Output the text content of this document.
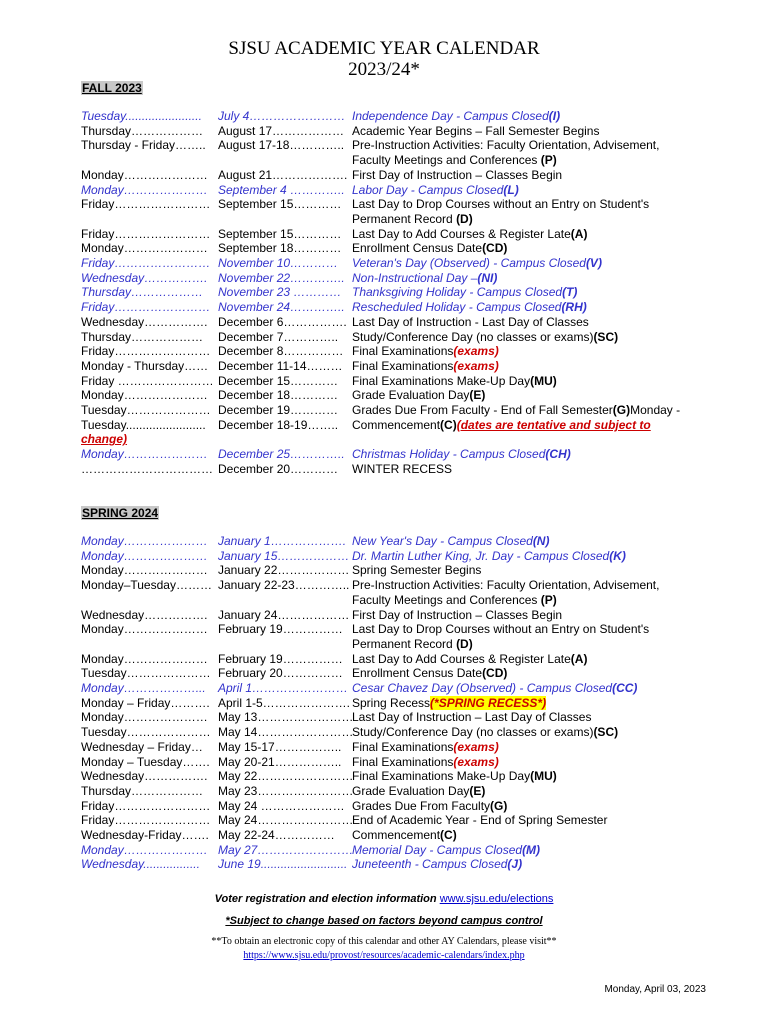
SJSU ACADEMIC YEAR CALENDAR
2023/24*
FALL 2023
Tuesday....................... July 4…………………… Independence Day - Campus Closed(I)
Thursday……………… August 17……………… Academic Year Begins – Fall Semester Begins
Thursday - Friday…….. August 17-18………….. Pre-Instruction Activities: Faculty Orientation, Advisement,
Faculty Meetings and Conferences (P)
Monday………………… August 21………………. First Day of Instruction – Classes Begin
Monday………………… September 4 ………….. Labor Day - Campus Closed(L)
Friday…………………… September 15………… Last Day to Drop Courses without an Entry on Student's
Permanent Record (D)
Friday…………………… September 15………… Last Day to Add Courses & Register Late(A)
Monday………………… September 18………… Enrollment Census Date(CD)
Friday…………………… November 10………… Veteran's Day (Observed) - Campus Closed(V)
Wednesday……………. November 22………….. Non-Instructional Day –(NI)
Thursday……………… November 23 ………… Thanksgiving Holiday - Campus Closed(T)
Friday…………………… November 24………….. Rescheduled Holiday - Campus Closed(RH)
Wednesday……………. December 6……………. Last Day of Instruction - Last Day of Classes
Thursday……………… December 7………….. Study/Conference Day (no classes or exams)(SC)
Friday…………………… December 8…………… Final Examinations(exams)
Monday - Thursday…… December 11-14……… Final Examinations(exams)
Friday …………………… December 15………… Final Examinations Make-Up Day(MU)
Monday………………… December 18………… Grade Evaluation Day(E)
Tuesday………………… December 19………… Grades Due From Faculty - End of Fall Semester(G)Monday -
Tuesday........................ December 18-19…….. Commencement(C)(dates are tentative and subject to
change)
Monday………………… December 25………….. Christmas Holiday - Campus Closed(CH)
…………………………… December 20………… WINTER RECESS
SPRING 2024
Monday………………… January 1………………. New Year's Day - Campus Closed(N)
Monday………………… January 15……………… Dr. Martin Luther King, Jr. Day - Campus Closed(K)
Monday………………… January 22……………… Spring Semester Begins
Monday–Tuesday……… January 22-23………….. Pre-Instruction Activities: Faculty Orientation, Advisement,
Faculty Meetings and Conferences (P)
Wednesday……………. January 24……………… First Day of Instruction – Classes Begin
Monday………………… February 19…………… Last Day to Drop Courses without an Entry on Student's
Permanent Record (D)
Monday………………… February 19…………… Last Day to Add Courses & Register Late(A)
Tuesday………………… February 20…………… Enrollment Census Date(CD)
Monday………………... April 1…………………… Cesar Chavez Day (Observed) - Campus Closed(CC)
Monday – Friday………. April 1-5…………………. Spring Recess(*SPRING RECESS*)
Monday………………… May 13……………………Last Day of Instruction – Last Day of Classes
Tuesday………………… May 14……………………Study/Conference Day (no classes or exams)(SC)
Wednesday – Friday… May 15-17…………….. Final Examinations(exams)
Monday – Tuesday……. May 20-21…………….. Final Examinations(exams)
Wednesday……………. May 22……………………Final Examinations Make-Up Day(MU)
Thursday……………… May 23……………………Grade Evaluation Day(E)
Friday…………………… May 24 ………………… Grades Due From Faculty(G)
Friday…………………… May 24……………………End of Academic Year - End of Spring Semester
Wednesday-Friday……. May 22-24…………… Commencement(C)
Monday………………… May 27……………………Memorial Day - Campus Closed(M)
Wednesday................. June 19.......................... Juneteenth - Campus Closed(J)
Voter registration and election information www.sjsu.edu/elections
*Subject to change based on factors beyond campus control
**To obtain an electronic copy of this calendar and other AY Calendars, please visit**
https://www.sjsu.edu/provost/resources/academic-calendars/index.php
Monday, April 03, 2023
